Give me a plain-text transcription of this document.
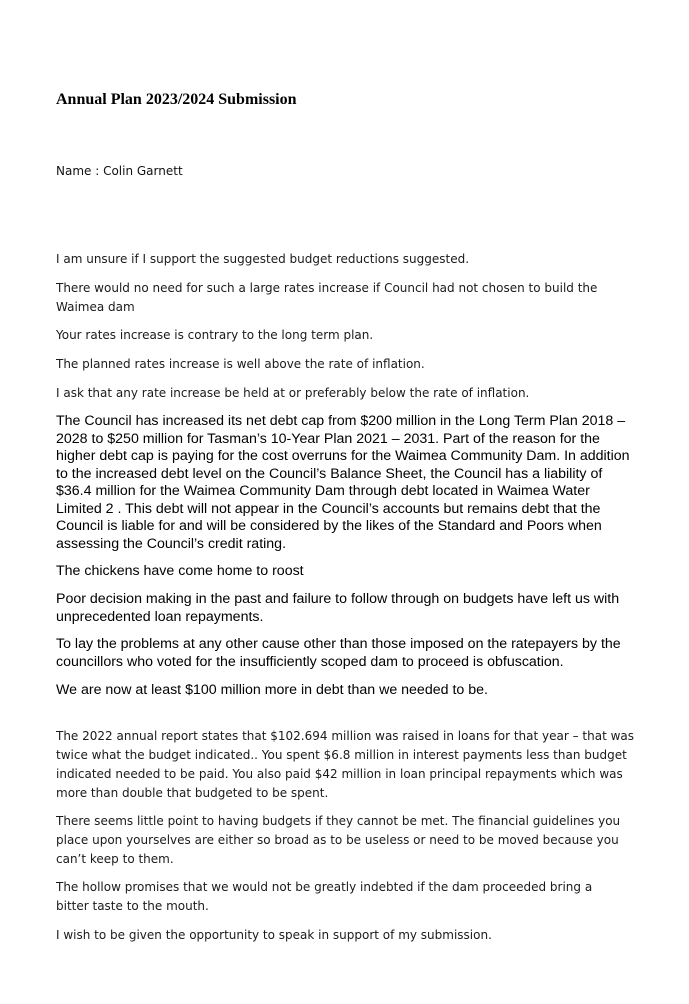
Annual Plan 2023/2024 Submission

Name : Colin Garnett

I am unsure if I support the suggested budget reductions suggested.

There would no need for such a large rates increase if Council had not chosen to build the Waimea dam

Your rates increase is contrary to the long term plan.

The planned rates increase is well above the rate of inflation.

I ask that any rate increase be held at or preferably below the rate of inflation.

The Council has increased its net debt cap from $200 million in the Long Term Plan 2018 – 2028 to $250 million for Tasman’s 10-Year Plan 2021 – 2031. Part of the reason for the higher debt cap is paying for the cost overruns for the Waimea Community Dam. In addition to the increased debt level on the Council’s Balance Sheet, the Council has a liability of $36.4 million for the Waimea Community Dam through debt located in Waimea Water Limited 2 . This debt will not appear in the Council’s accounts but remains debt that the Council is liable for and will be considered by the likes of the Standard and Poors when assessing the Council’s credit rating.

The chickens have come home to roost

Poor decision making in the past and failure to follow through on budgets have left us with unprecedented loan repayments.

To lay the problems at any other cause other than those imposed on the ratepayers by the councillors who voted for the insufficiently scoped dam to proceed is obfuscation.

We are now at least $100 million more in debt than we needed to be.

The 2022 annual report states that $102.694 million was raised in loans for that year – that was twice what the budget indicated.. You spent $6.8 million in interest payments less than budget indicated needed to be paid. You also paid $42 million in loan principal repayments which was more than double that budgeted to be spent.

There seems little point to having budgets if they cannot be met. The financial guidelines you place upon yourselves are either so broad as to be useless or need to be moved because you can’t keep to them.

The hollow promises that we would not be greatly indebted if the dam proceeded bring a bitter taste to the mouth.

I wish to be given the opportunity to speak in support of my submission.
